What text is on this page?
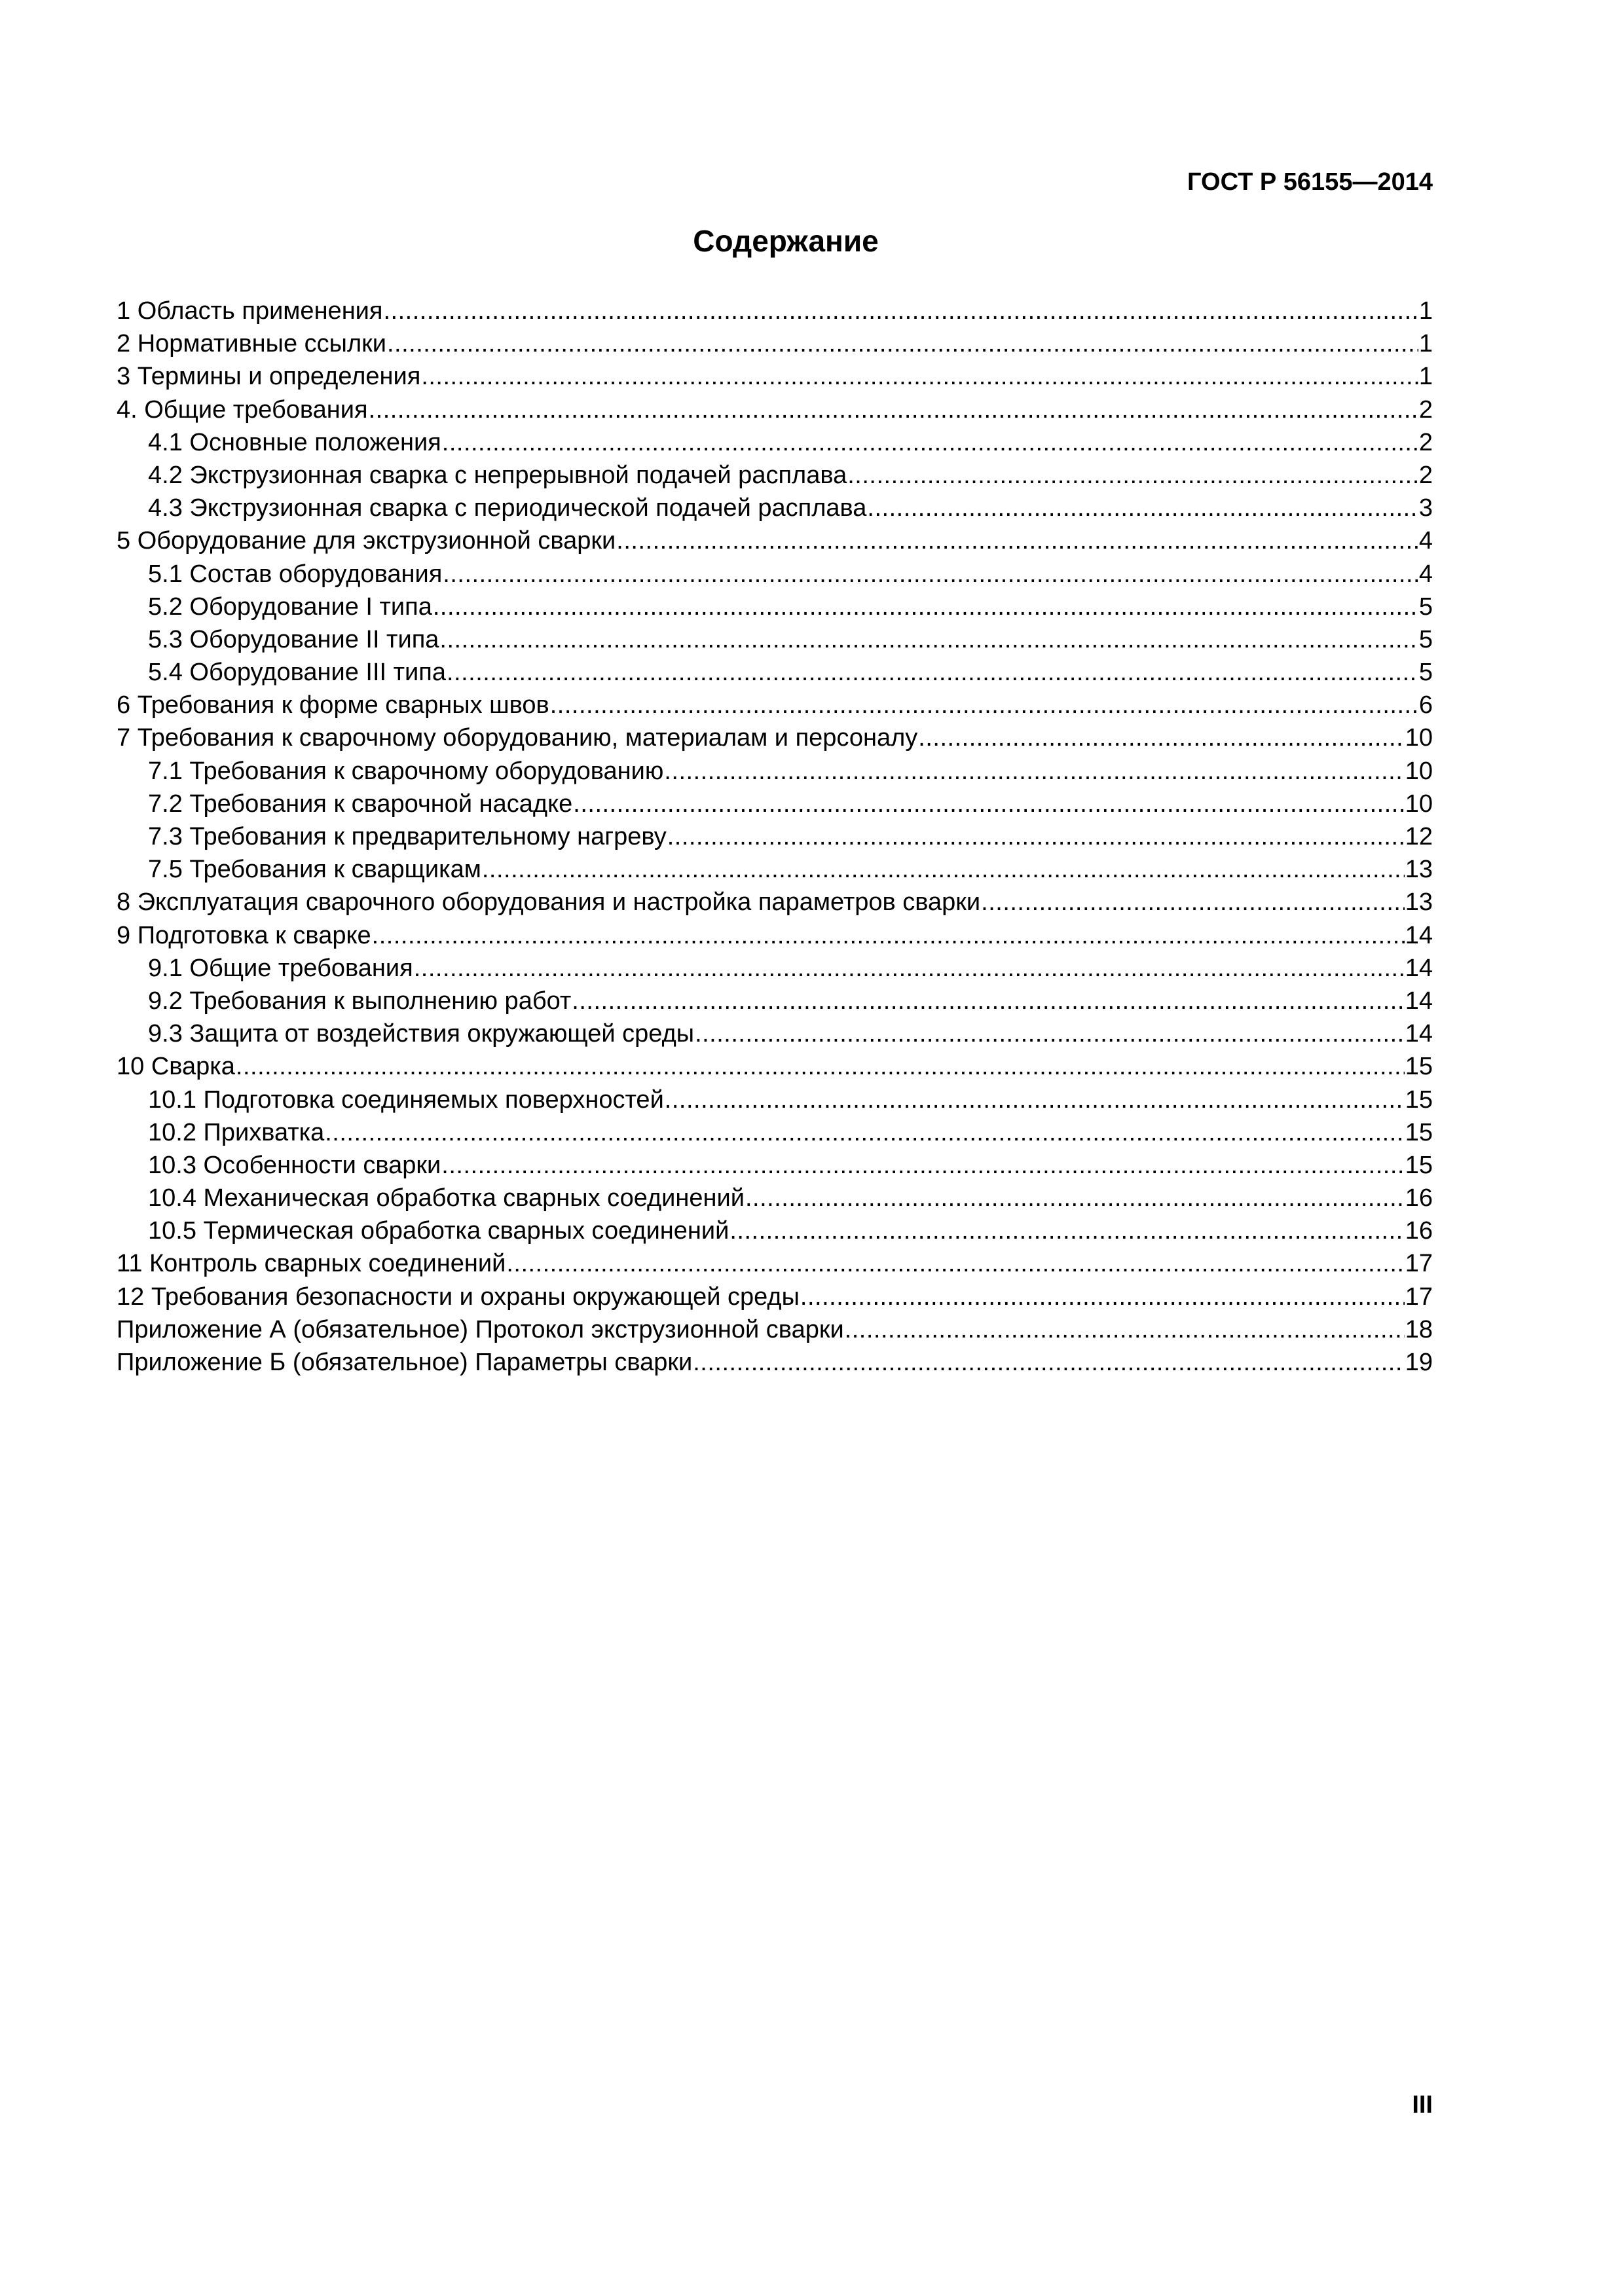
ГОСТ Р 56155—2014
Содержание
1 Область применения .....	1
2 Нормативные ссылки .....	1
3 Термины и определения .....	1
4. Общие требования .....	2
4.1 Основные положения .....	2
4.2 Экструзионная сварка с непрерывной подачей расплава .....	2
4.3 Экструзионная сварка с периодической подачей расплава .....	3
5 Оборудование для экструзионной сварки .....	4
5.1 Состав оборудования .....	4
5.2 Оборудование I типа .....	5
5.3 Оборудование II типа .....	5
5.4 Оборудование III типа .....	5
6 Требования к форме сварных швов .....	6
7 Требования к сварочному оборудованию, материалам и персоналу .....	10
7.1 Требования к сварочному оборудованию .....	10
7.2 Требования к сварочной насадке .....	10
7.3 Требования к предварительному нагреву .....	12
7.5 Требования к сварщикам .....	13
8 Эксплуатация сварочного оборудования и настройка параметров сварки .....	13
9 Подготовка к сварке .....	14
9.1 Общие требования .....	14
9.2 Требования к выполнению работ .....	14
9.3 Защита от воздействия окружающей среды .....	14
10 Сварка .....	15
10.1 Подготовка соединяемых поверхностей .....	15
10.2 Прихватка .....	15
10.3 Особенности сварки .....	15
10.4 Механическая обработка сварных соединений .....	16
10.5 Термическая обработка сварных соединений .....	16
11 Контроль сварных соединений .....	17
12 Требования безопасности и охраны окружающей среды .....	17
Приложение А (обязательное) Протокол экструзионной сварки .....	18
Приложение Б (обязательное) Параметры сварки .....	19
III
